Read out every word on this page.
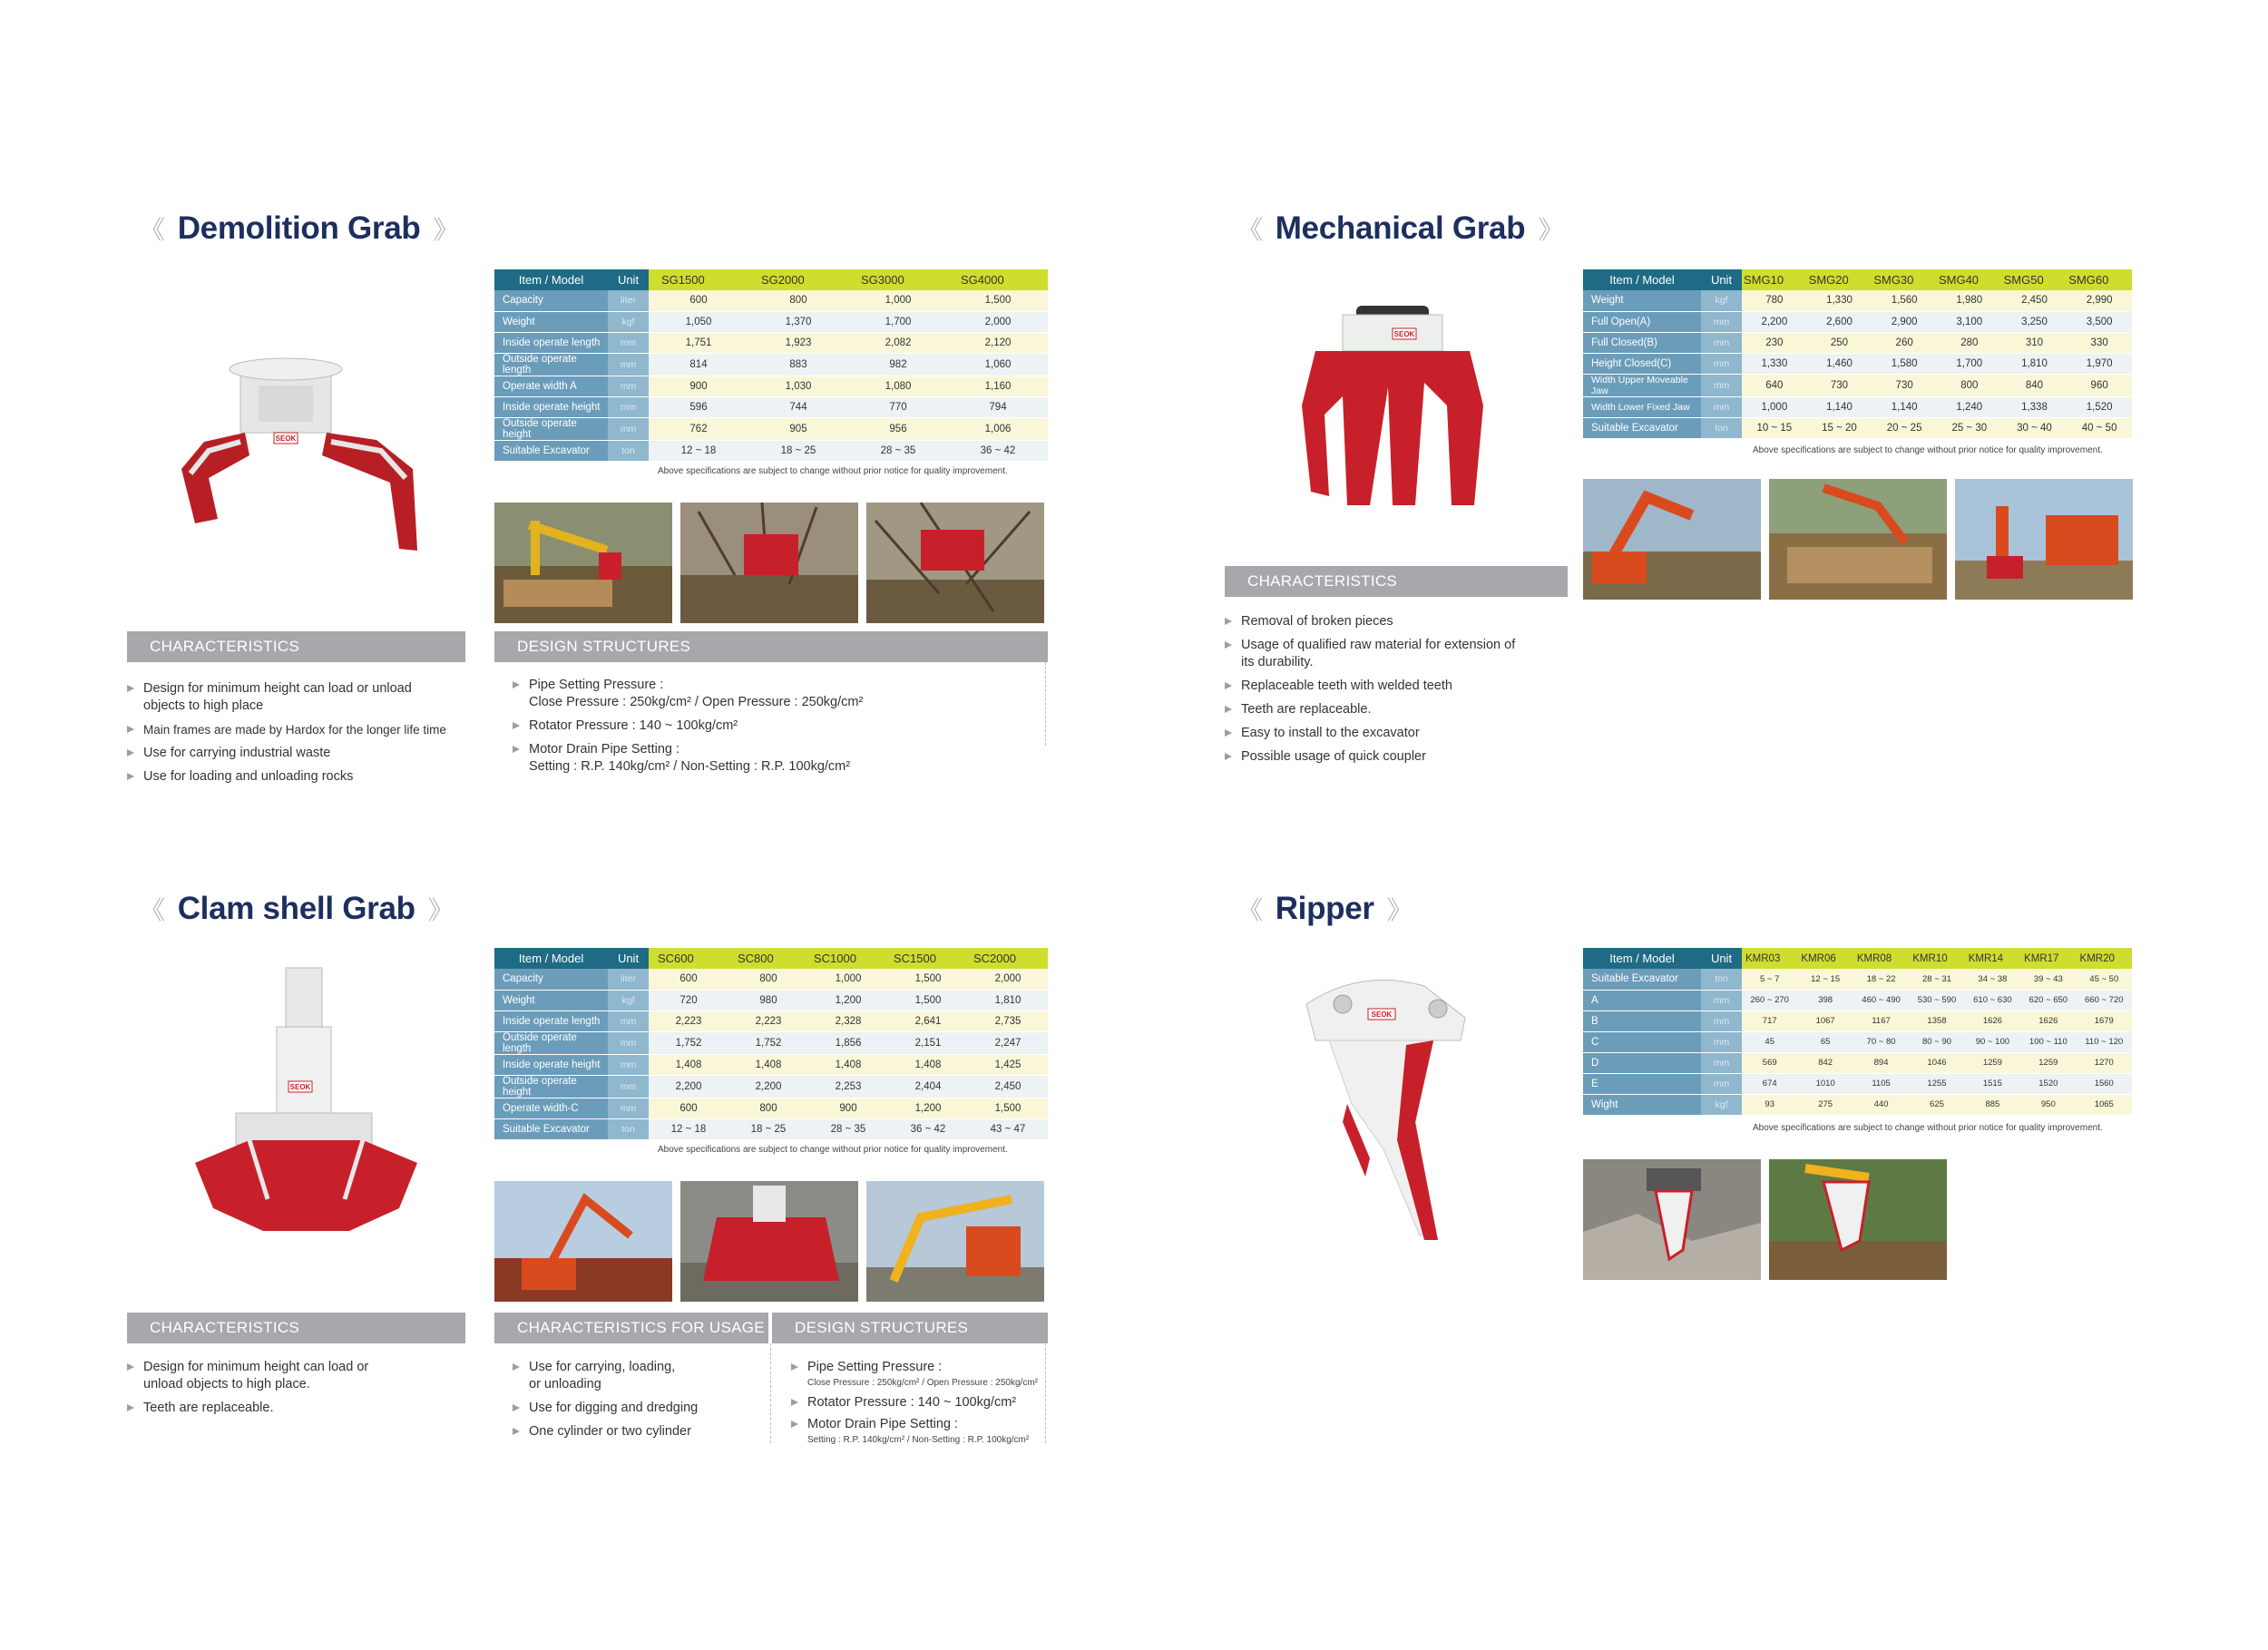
《 Demolition Grab 》
SEOK
Item / Model	Unit	SG1500	SG2000	SG3000	SG4000
Capacity	liter	600	800	1,000	1,500
Weight	kgf	1,050	1,370	1,700	2,000
Inside operate length	mm	1,751	1,923	2,082	2,120
Outside operate length	mm	814	883	982	1,060
Operate width A	mm	900	1,030	1,080	1,160
Inside operate height	mm	596	744	770	794
Outside operate height	mm	762	905	956	1,006
Suitable Excavator	ton	12 ~ 18	18 ~ 25	28 ~ 35	36 ~ 42
Above specifications are subject to change without prior notice for quality improvement.
CHARACTERISTICS
Design for minimum height can load or unload
objects to high place
Main frames are made by Hardox for the longer life time
Use for carrying industrial waste
Use for loading and unloading rocks
DESIGN STRUCTURES
Pipe Setting Pressure :
Close Pressure : 250kg/cm² / Open Pressure : 250kg/cm²
Rotator Pressure : 140 ~ 100kg/cm²
Motor Drain Pipe Setting :
Setting : R.P. 140kg/cm² / Non-Setting : R.P. 100kg/cm²
《 Mechanical Grab 》
SEOK
Item / Model	Unit	SMG10	SMG20	SMG30	SMG40	SMG50	SMG60
Weight	kgf	780	1,330	1,560	1,980	2,450	2,990
Full Open(A)	mm	2,200	2,600	2,900	3,100	3,250	3,500
Full Closed(B)	mm	230	250	260	280	310	330
Height Closed(C)	mm	1,330	1,460	1,580	1,700	1,810	1,970
Width Upper Moveable Jaw	mm	640	730	730	800	840	960
Width Lower Fixed Jaw	mm	1,000	1,140	1,140	1,240	1,338	1,520
Suitable Excavator	ton	10 ~ 15	15 ~ 20	20 ~ 25	25 ~ 30	30 ~ 40	40 ~ 50
Above specifications are subject to change without prior notice for quality improvement.
CHARACTERISTICS
Removal of broken pieces
Usage of qualified raw material for extension of
its durability.
Replaceable teeth with welded teeth
Teeth are replaceable.
Easy to install to the excavator
Possible usage of quick coupler
《 Clam shell Grab 》
SEOK
Item / Model	Unit	SC600	SC800	SC1000	SC1500	SC2000
Capacity	liter	600	800	1,000	1,500	2,000
Weight	kgf	720	980	1,200	1,500	1,810
Inside operate length	mm	2,223	2,223	2,328	2,641	2,735
Outside operate length	mm	1,752	1,752	1,856	2,151	2,247
Inside operate height	mm	1,408	1,408	1,408	1,408	1,425
Outside operate height	mm	2,200	2,200	2,253	2,404	2,450
Operate width-C	mm	600	800	900	1,200	1,500
Suitable Excavator	ton	12 ~ 18	18 ~ 25	28 ~ 35	36 ~ 42	43 ~ 47
Above specifications are subject to change without prior notice for quality improvement.
CHARACTERISTICS
Design for minimum height can load or
unload objects to high place.
Teeth are replaceable.
CHARACTERISTICS FOR USAGE
Use for carrying, loading,
or unloading
Use for digging and dredging
One cylinder or two cylinder
DESIGN STRUCTURES
Pipe Setting Pressure :
Close Pressure : 250kg/cm² / Open Pressure : 250kg/cm²
Rotator Pressure : 140 ~ 100kg/cm²
Motor Drain Pipe Setting :
Setting : R.P. 140kg/cm² / Non-Setting : R.P. 100kg/cm²
《 Ripper 》
SEOK
Item / Model	Unit	KMR03	KMR06	KMR08	KMR10	KMR14	KMR17	KMR20
Suitable Excavator	ton	5 ~ 7	12 ~ 15	18 ~ 22	28 ~ 31	34 ~ 38	39 ~ 43	45 ~ 50
A	mm	260 ~ 270	398	460 ~ 490	530 ~ 590	610 ~ 630	620 ~ 650	660 ~ 720
B	mm	717	1067	1167	1358	1626	1626	1679
C	mm	45	65	70 ~ 80	80 ~ 90	90 ~ 100	100 ~ 110	110 ~ 120
D	mm	569	842	894	1046	1259	1259	1270
E	mm	674	1010	1105	1255	1515	1520	1560
Wight	kgf	93	275	440	625	885	950	1065
Above specifications are subject to change without prior notice for quality improvement.
